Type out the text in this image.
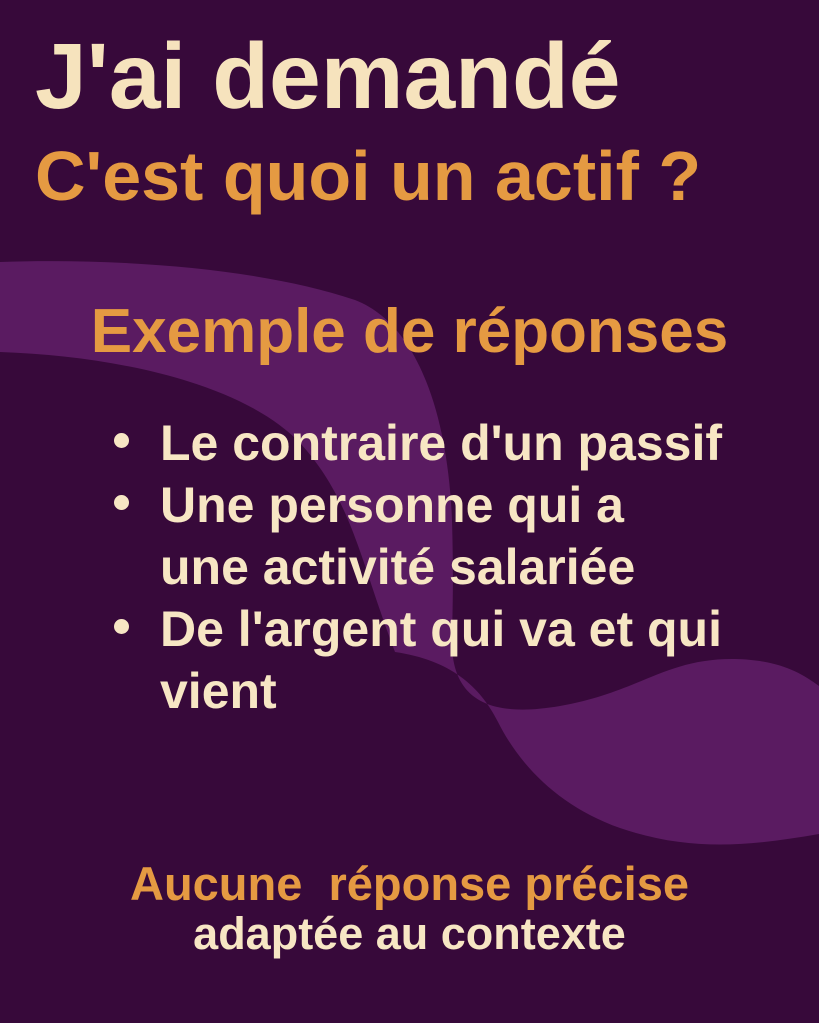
J'ai demandé
C'est quoi un actif ?
Exemple de réponses
Le contraire d'un passif
Une personne qui a une activité salariée
De l'argent qui va et qui vient
Aucune  réponse précise
adaptée au contexte
